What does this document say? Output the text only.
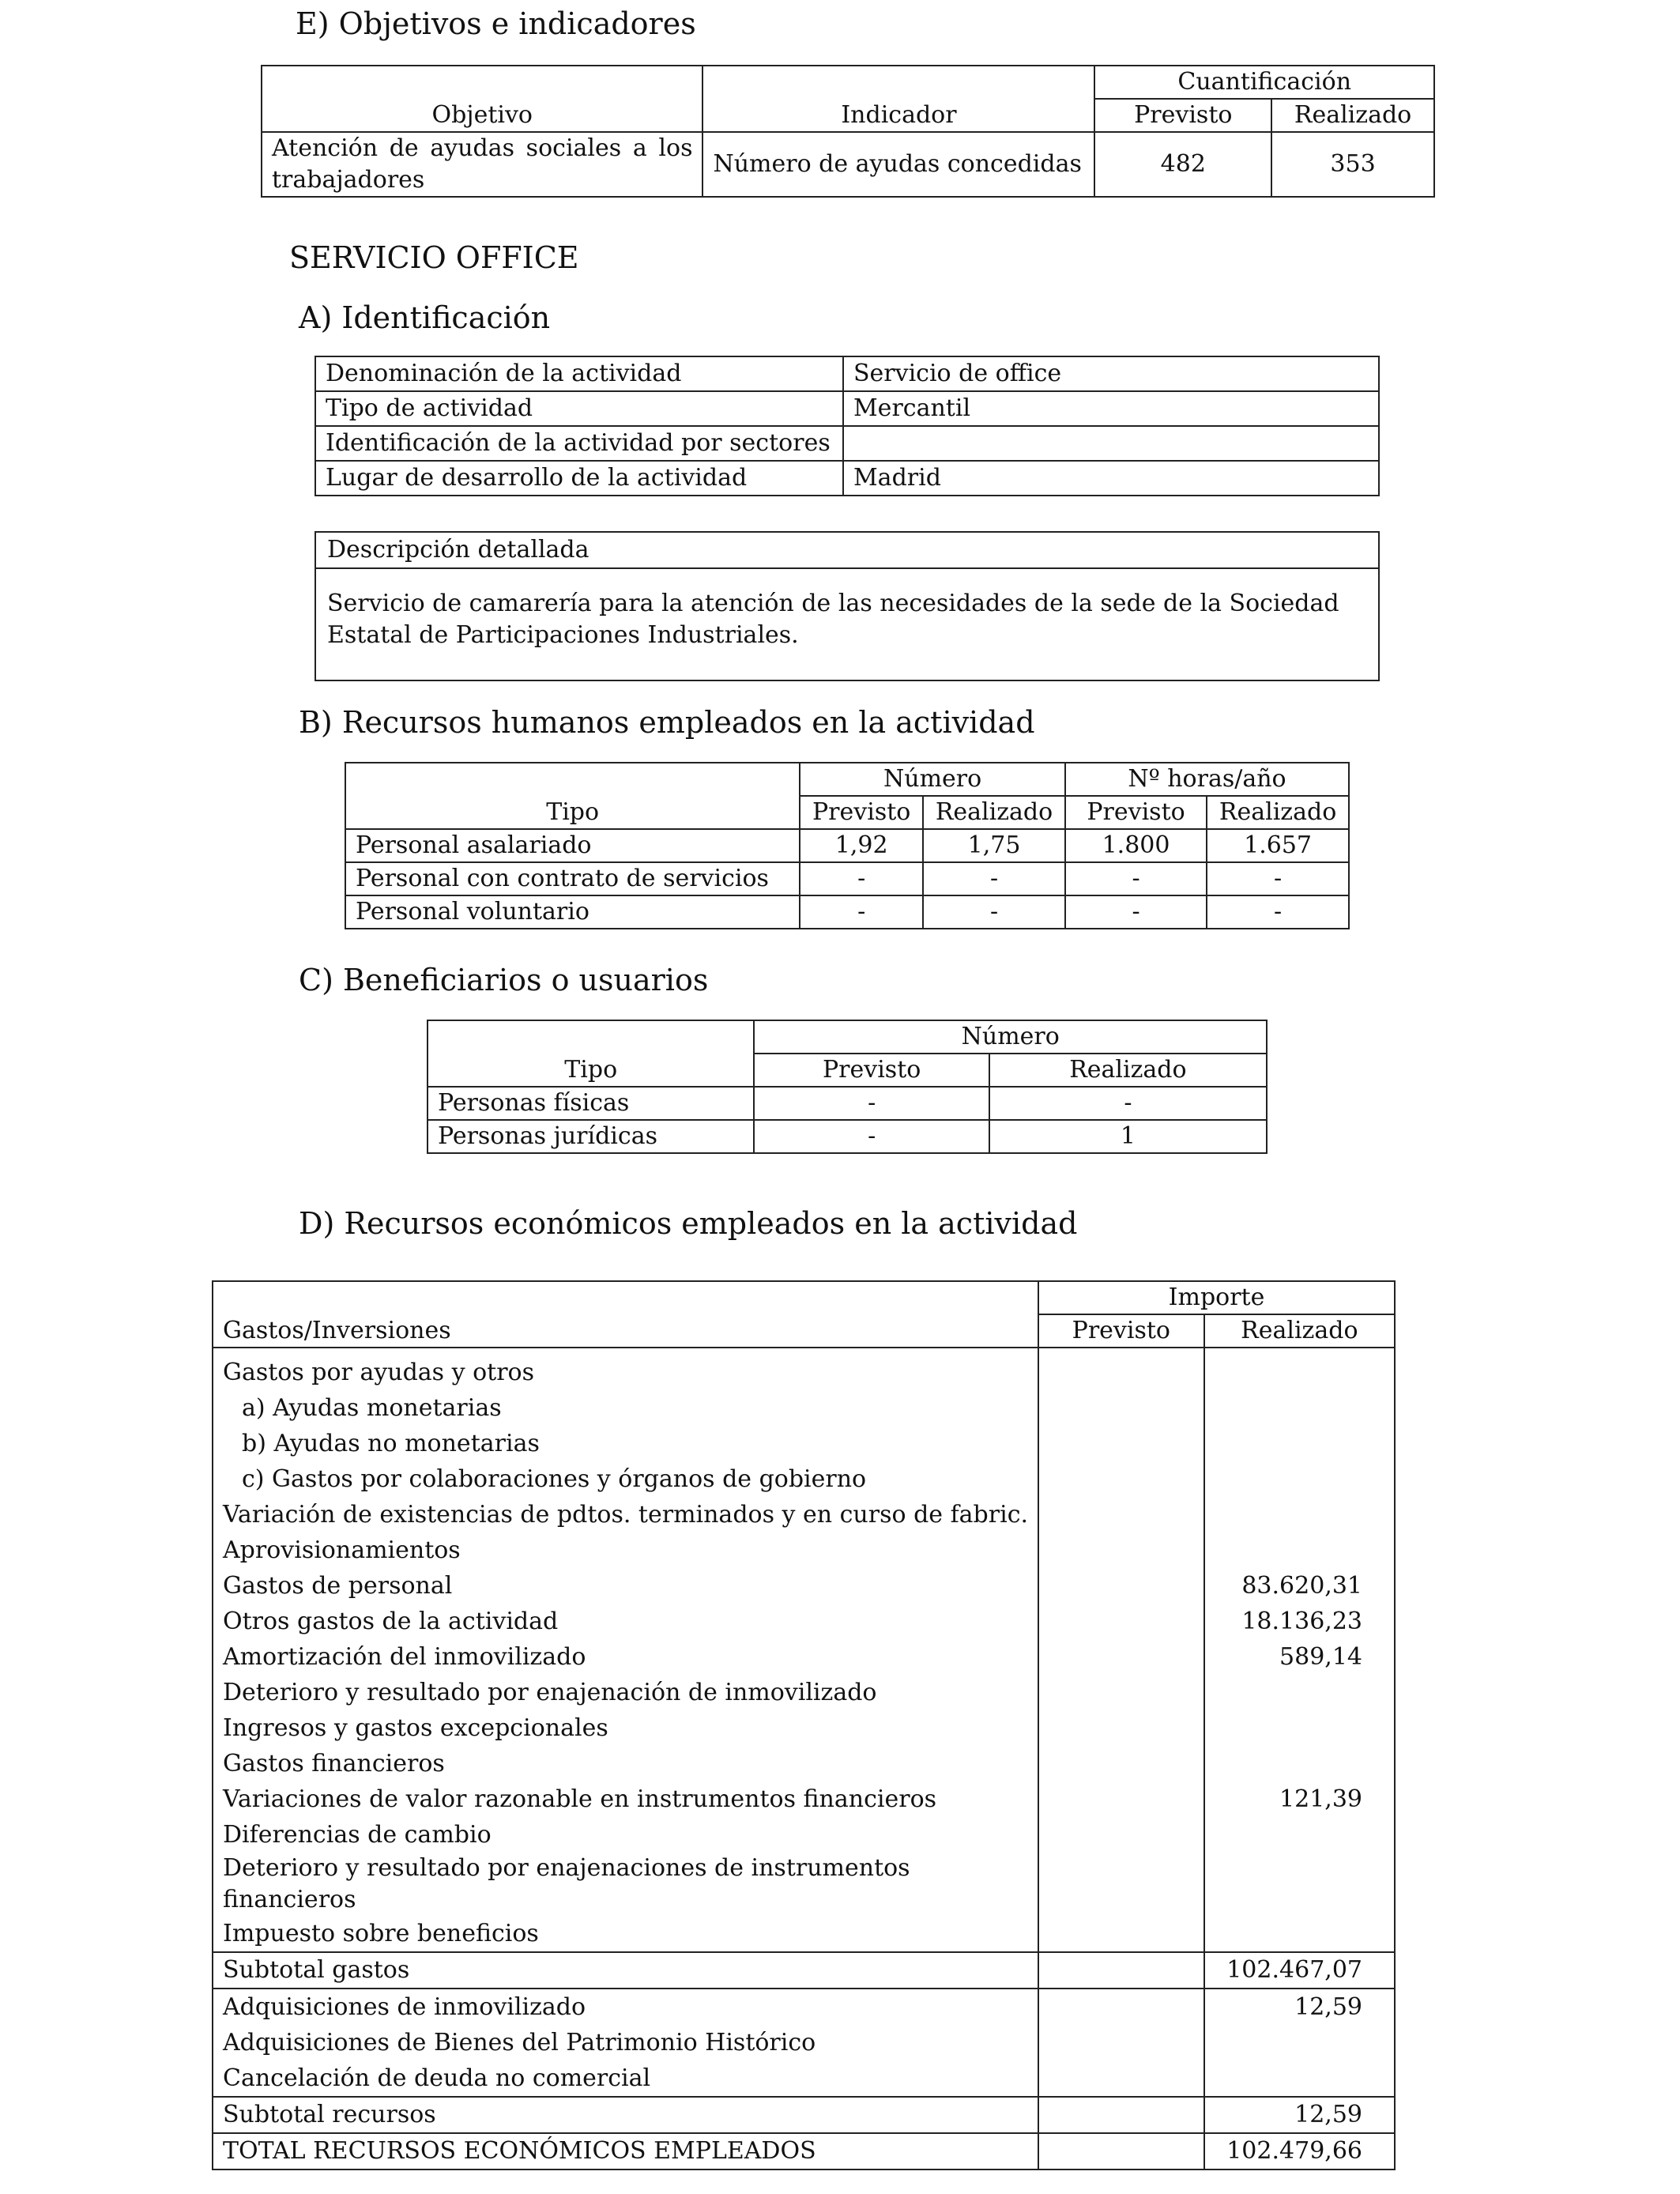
E) Objetivos e indicadores
Objetivo	Indicador	Cuantificación	
		Previsto	Realizado
Atención de ayudas sociales a los trabajadores	Número de ayudas concedidas	482	353
SERVICIO OFFICE
A) Identificación
Denominación de la actividad	Servicio de office
Tipo de actividad	Mercantil
Identificación de la actividad por sectores	
Lugar de desarrollo de la actividad	Madrid
Descripción detallada
Servicio de camarería para la atención de las necesidades de la sede de la Sociedad Estatal de Participaciones Industriales.
B) Recursos humanos empleados en la actividad
Tipo	Número		Nº horas/año	
	Previsto	Realizado	Previsto	Realizado
Personal asalariado	1,92	1,75	1.800	1.657
Personal con contrato de servicios	-	-	-	-
Personal voluntario	-	-	-	-
C) Beneficiarios o usuarios
Tipo	Número	
	Previsto	Realizado
Personas físicas	-	-
Personas jurídicas	-	1
D) Recursos económicos empleados en la actividad
Gastos/Inversiones	Importe	
	Previsto	Realizado
Gastos por ayudas y otros		
a) Ayudas monetarias		
b) Ayudas no monetarias		
c) Gastos por colaboraciones y órganos de gobierno		
Variación de existencias de pdtos. terminados y en curso de fabric.		
Aprovisionamientos		
Gastos de personal		83.620,31
Otros gastos de la actividad		18.136,23
Amortización del inmovilizado		589,14
Deterioro y resultado por enajenación de inmovilizado		
Ingresos y gastos excepcionales		
Gastos financieros		
Variaciones de valor razonable en instrumentos financieros		121,39
Diferencias de cambio		
Deterioro y resultado por enajenaciones de instrumentos financieros		
Impuesto sobre beneficios		
Subtotal gastos		102.467,07
Adquisiciones de inmovilizado		12,59
Adquisiciones de Bienes del Patrimonio Histórico		
Cancelación de deuda no comercial		
Subtotal recursos		12,59
TOTAL RECURSOS ECONÓMICOS EMPLEADOS		102.479,66
